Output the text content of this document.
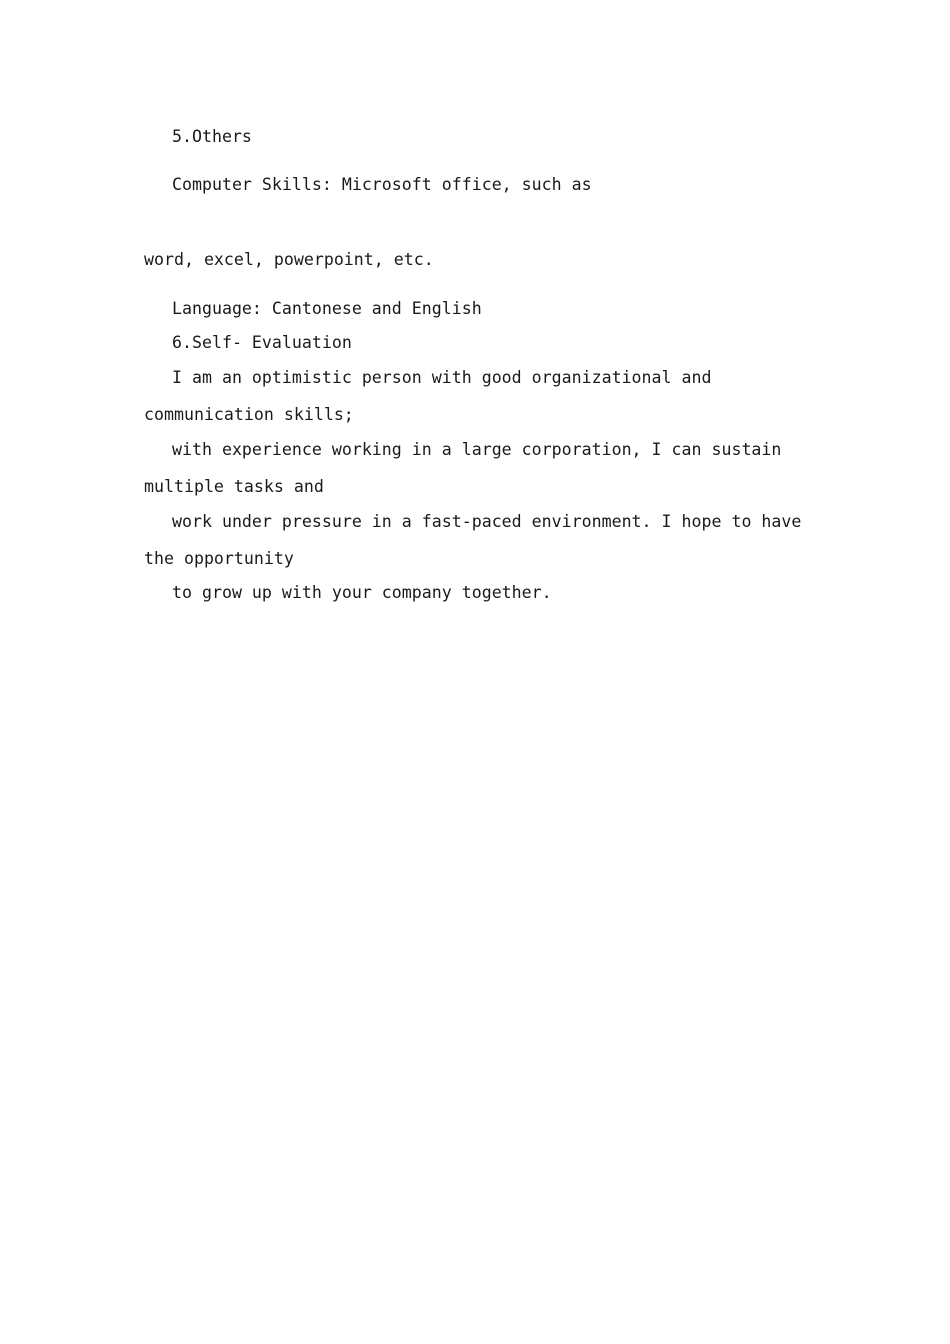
5.Others

Computer Skills: Microsoft office, such as

word, excel, powerpoint, etc.

Language: Cantonese and English

6.Self- Evaluation

I am an optimistic person with good organizational and

communication skills;

with experience working in a large corporation, I can sustain

multiple tasks and

work under pressure in a fast-paced environment. I hope to have

the opportunity

to grow up with your company together.
